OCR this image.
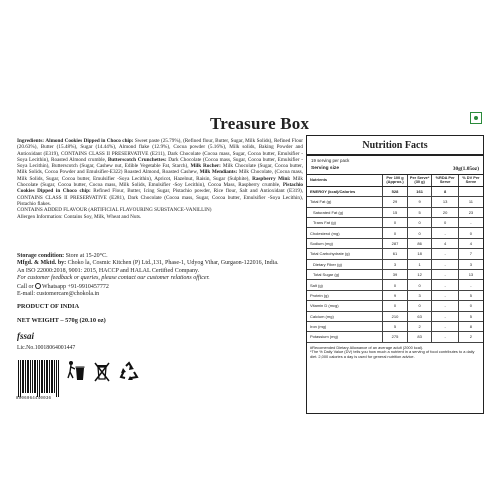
Treasure Box

Ingredients: Almond Cookies Dipped in Choco chip: Sweet paste (25.79%), (Refined flour, Butter, Sugar, Milk Solids), Refined Flour (20.63%), Butter (15.48%), Sugar (14.44%), Almond flake (12.9%), Cocoa powder (5.16%), Milk solids, Baking Powder and Antioxidant (E319), CONTAINS CLASS II PRESERVATIVE (E211), Dark Chocolate (Cocoa mass, Sugar, Cocoa butter, Emulsifier -Soya Lecithin), Roasted Almond crumble, Butterscotch Crunchettes: Dark Chocolate (Cocoa mass, Sugar, Cocoa butter, Emulsifier -Soya Lecithin), Butterscotch (Sugar, Cashew nut, Edible Vegetable Fat, Starch), Milk Rocher: Milk Chocolate (Sugar, Cocoa butter, Milk Solids, Cocoa Powder and Emulsifier-E322) Roasted Almond, Roasted Cashew, Milk Mendiants: Milk Chocolate, (Cocoa mass, Milk Solids, Sugar, Cocoa butter, Emulsifier -Soya Lecithin), Apricot, Hazelnut, Raisin, Sugar (Sulphite), Raspberry Mini: Milk Chocolate (Sugar, Cocoa butter, Cocoa mass, Milk Solids, Emulsifier -Soy Lecithin), Cocoa Mass, Raspberry crumble, Pistachio Cookies Dipped in Choco chip: Refined Flour, Butter, Icing Sugar, Pistachio powder, Rice flour, Salt and Antioxidant (E319), CONTAINS CLASS II PRESERVATIVE (E281), Dark Chocolate (Cocoa mass, Sugar, Cocoa butter, Emulsifier -Soya Lecithin), Pistachio flakes.

CONTAINS ADDED FLAVOUR (ARTIFICIAL FLAVOURING SUBSTANCE-VANILLIN)

Allergen Information: Contains Soy, Milk, Wheat and Nuts.

Storage condition: Store at 15-20°C.
Mfgd. & Mktd. by: Choko la, Cosmic Kitchen (P) Ltd.,131, Phase-1, Udyog Vihar, Gurgaon-122016, India.
An ISO 22000:2018, 9001: 2015, HACCP and HALAL Certified Company.
For customer feedback or queries, please contact our customer relations officer.
Call or Whatsapp +91-9910457772
E-mail: customercare@chokola.in
PRODUCT OF INDIA
NET WEIGHT – 570g (20.10 oz)
fssai
Lic.No.10018064001447
8906064440036
Nutrition Facts
19 serving per pack
Serving size	30g(1.05oz)
Nutrients	Per 100 g (Approx.)	Per Serve* (30 g)	%RDA Per Serve	% DV Per Serve
ENERGY (kcal)/Calories	528	161	8	
Total Fat (g)	29	9	13	11
Saturated Fat (g)	15	5	20	23
Trans Fat (g)	0	0	0	-
Cholesterol (mg)	0	0	-	0
Sodium (mg)	287	86	4	4
Total Carbohydrate (g)	61	18	-	7
Dietary Fiber (g)	3	1	-	3
Total Sugar (g)	39	12	-	13
Salt (g)	0	0	-	-
Protein (g)	9	3	-	5
Vitamin D (mcg)	0	0	-	0
Calcium (mg)	210	63	-	5
Iron (mg)	5	2	-	8
Potassium (mg)	275	83	-	2
#Recomended Dietary Allowance of an average adult (2000 kcal).
*The % Daily Value (DV) tells you how much a nutrient in a serving of food contributes to a daily diet. 2,000 calories a day is used for general nutrition advice.
